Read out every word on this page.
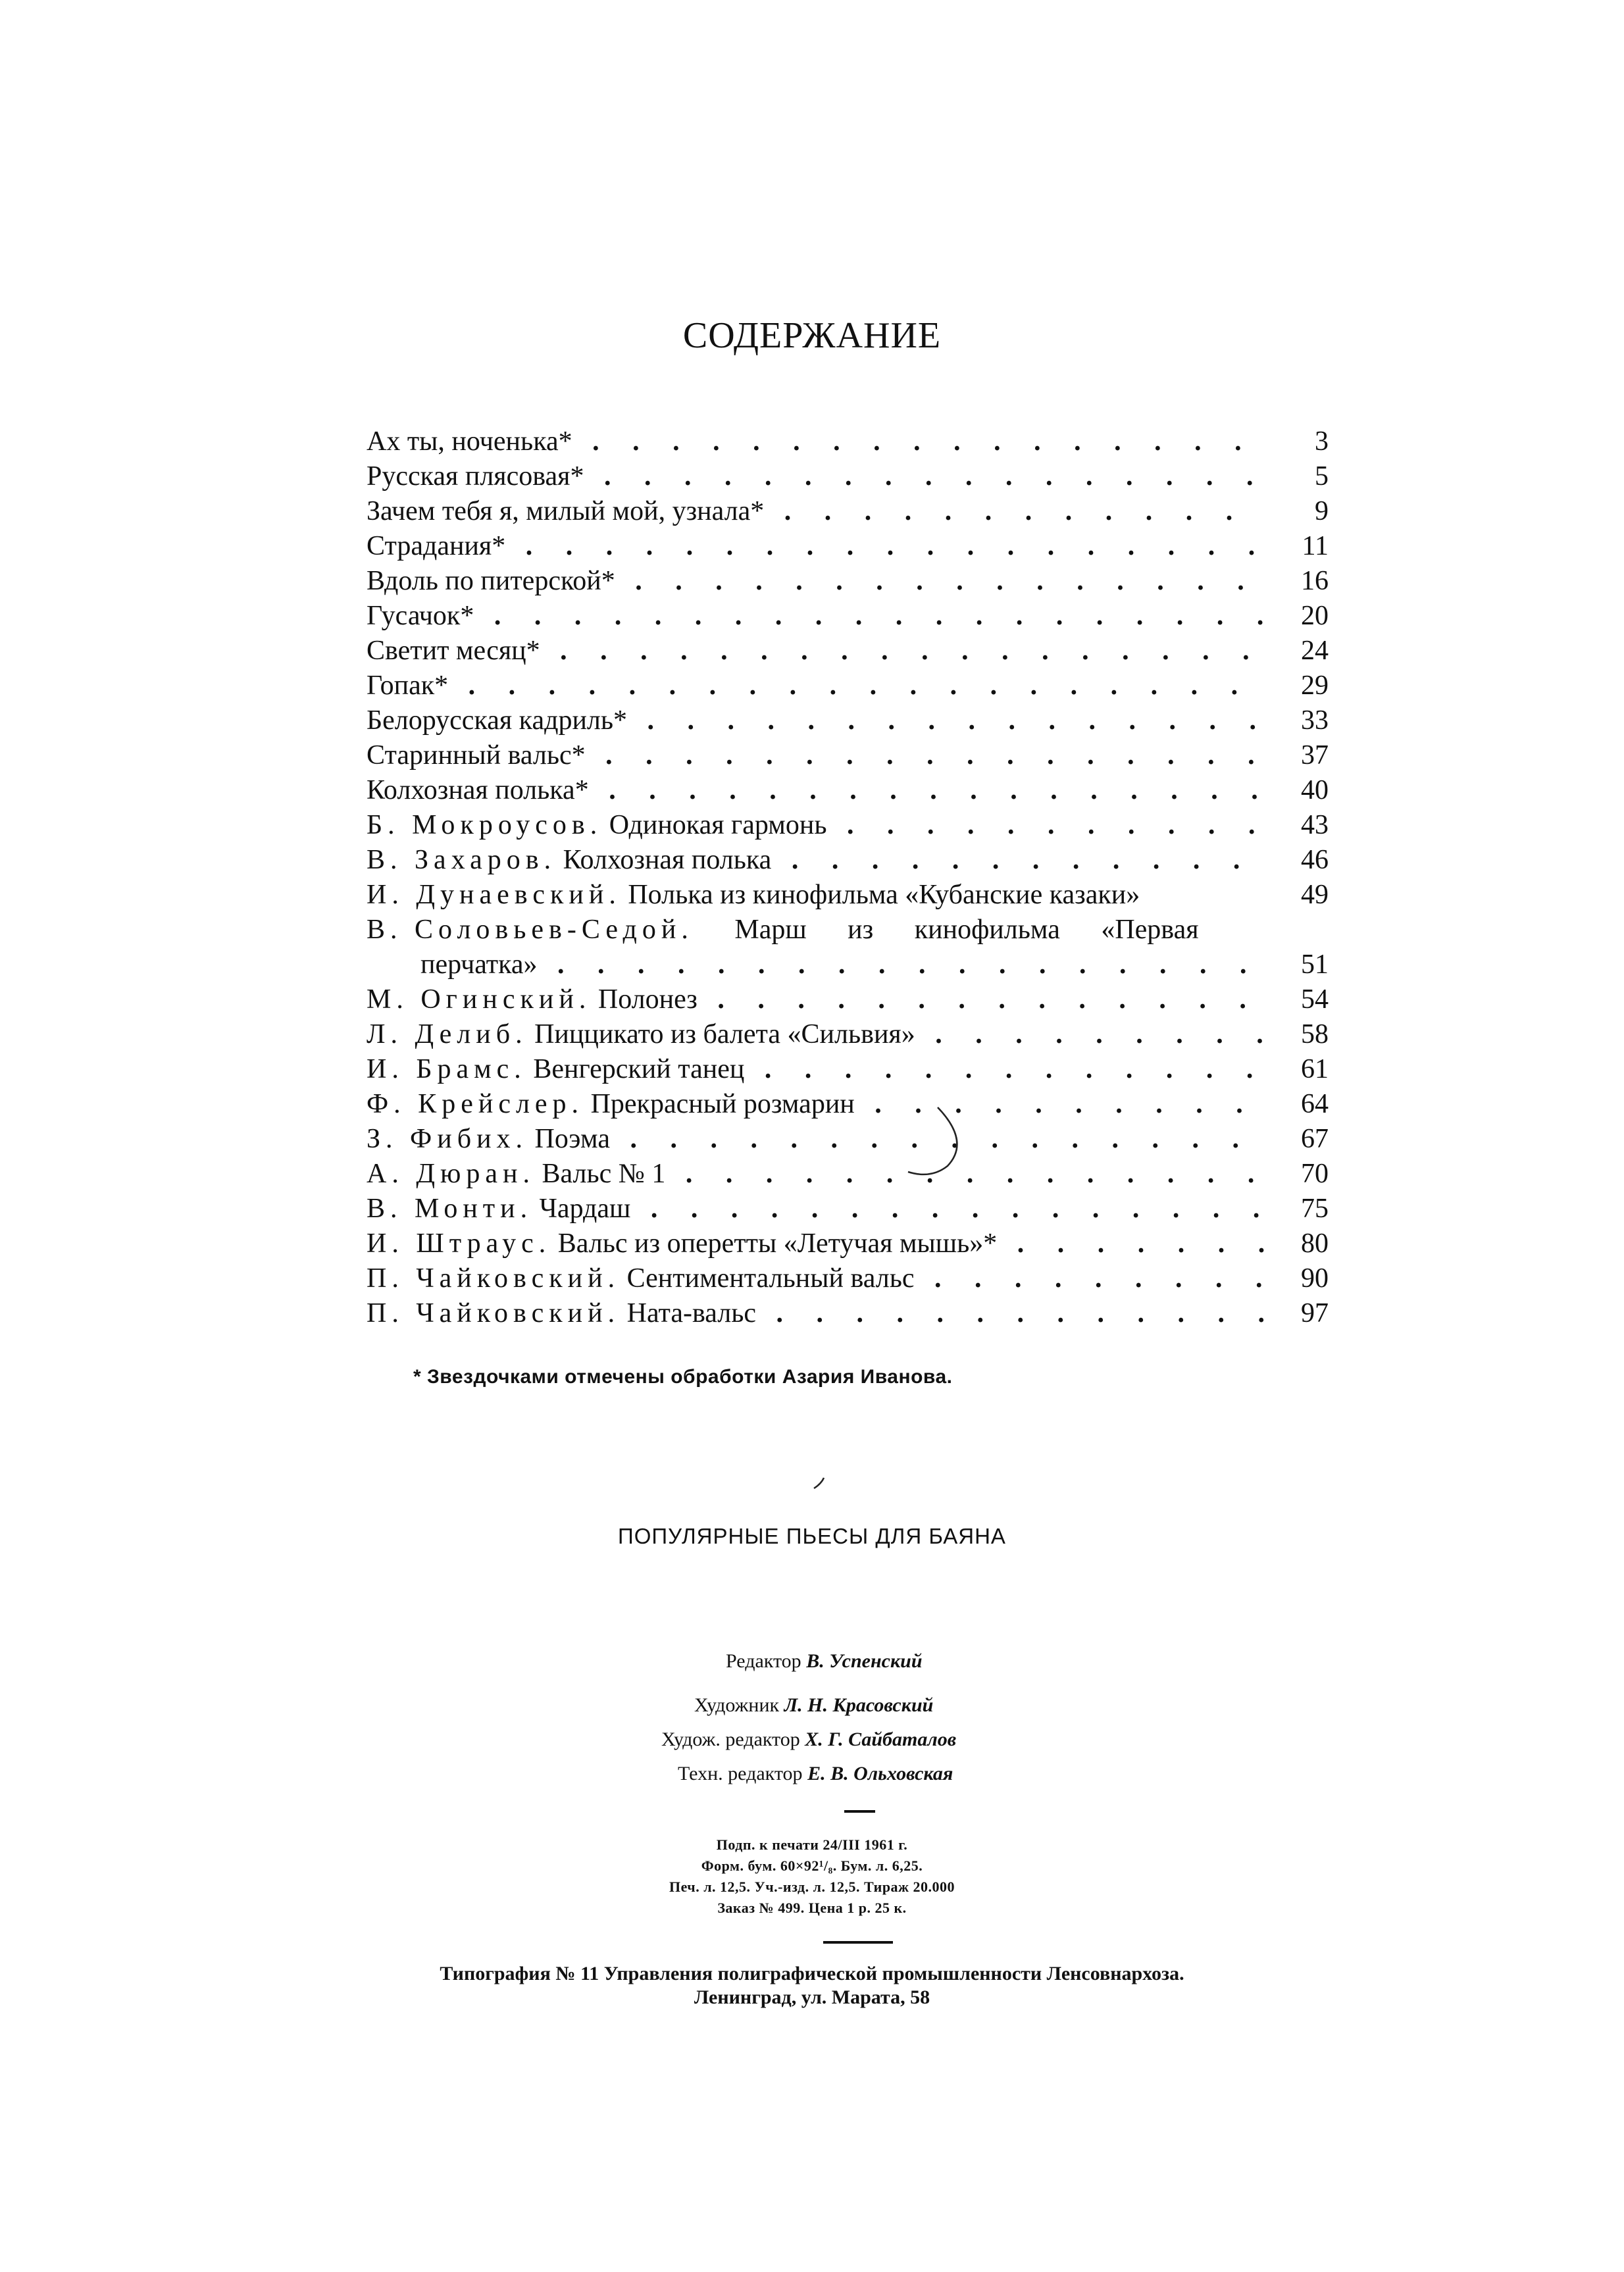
СОДЕРЖАНИЕ
Ах ты, ноченька* . .	3
Русская плясовая* . .	5
Зачем тебя я, милый мой, узнала* . .	9
Страдания* . .	11
Вдоль по питерской* . .	16
Гусачок* . .	20
Светит месяц* . .	24
Гопак* . .	29
Белорусская кадриль* . .	33
Старинный вальс* . .	37
Колхозная полька* . .	40
Б. Мокроусов. Одинокая гармонь . .	43
В. Захаров. Колхозная полька . .	46
И. Дунаевский. Полька из кинофильма «Кубанские казаки»	49
В. Соловьев-Седой. Марш из кинофильма «Первая
перчатка» . .	51
М. Огинский. Полонез . .	54
Л. Делиб. Пиццикато из балета «Сильвия» . .	58
И. Брамс. Венгерский танец . .	61
Ф. Крейслер. Прекрасный розмарин . .	64
З. Фибих. Поэма . .	67
А. Дюран. Вальс № 1 . .	70
В. Монти. Чардаш . .	75
И. Штраус. Вальс из оперетты «Летучая мышь»* . .	80
П. Чайковский. Сентиментальный вальс . .	90
П. Чайковский. Ната-вальс . .	97
* Звездочками отмечены обработки Азария Иванова.
ПОПУЛЯРНЫЕ ПЬЕСЫ ДЛЯ БАЯНА
Редактор В. Успенский
Художник Л. Н. Красовский
Худож. редактор Х. Г. Сайбаталов
Техн. редактор Е. В. Ольховская
Подп. к печати 24/III 1961 г.
Форм. бум. 60×92¹/₈. Бум. л. 6,25.
Печ. л. 12,5. Уч.-изд. л. 12,5. Тираж 20.000
Заказ № 499. Цена 1 р. 25 к.
Типография № 11 Управления полиграфической промышленности Ленсовнархоза.
Ленинград, ул. Марата, 58
